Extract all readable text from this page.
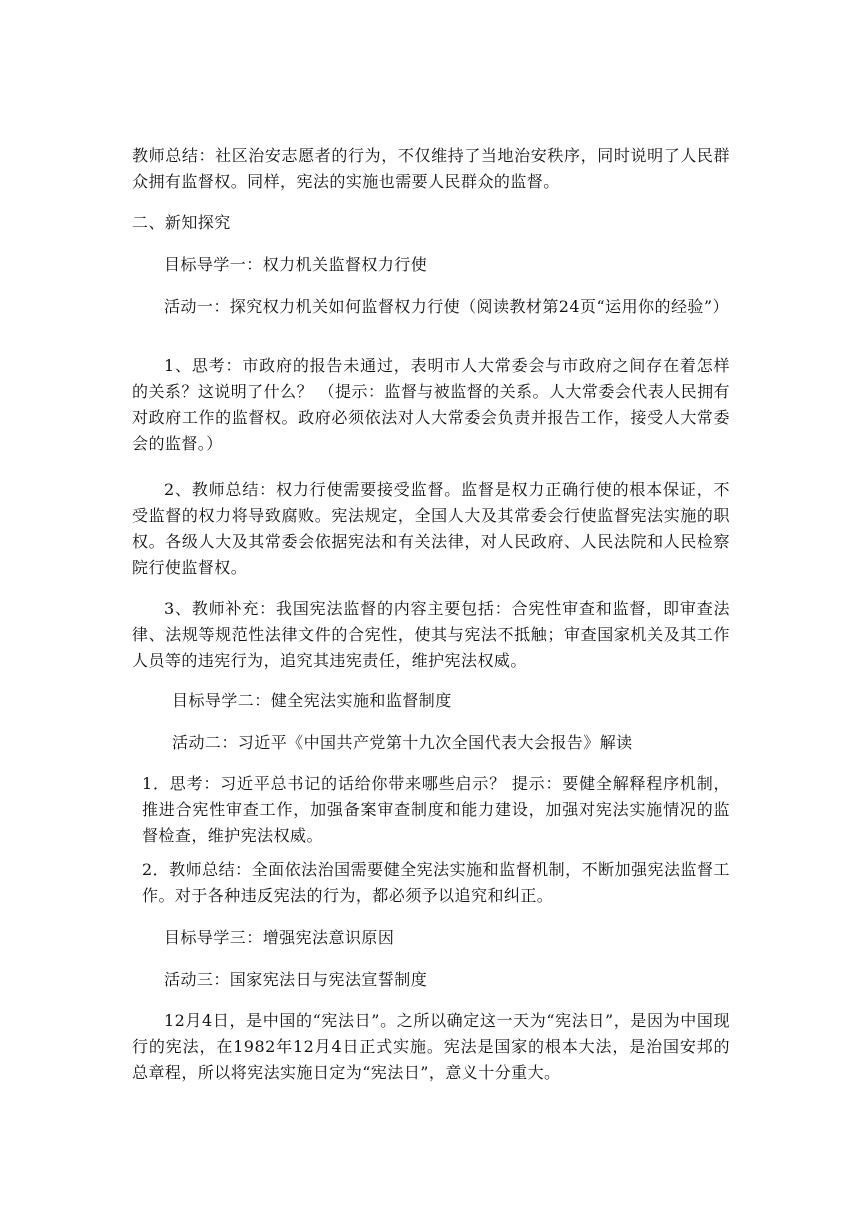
教师总结：社区治安志愿者的行为，不仅维持了当地治安秩序，同时说明了人民群众拥有监督权。同样，宪法的实施也需要人民群众的监督。

二、新知探究

目标导学一：权力机关监督权力行使

活动一：探究权力机关如何监督权力行使（阅读教材第24页“运用你的经验”）

1、思考：市政府的报告未通过，表明市人大常委会与市政府之间存在着怎样的关系？这说明了什么？ （提示：监督与被监督的关系。人大常委会代表人民拥有对政府工作的监督权。政府必须依法对人大常委会负责并报告工作，接受人大常委会的监督。）

2、教师总结：权力行使需要接受监督。监督是权力正确行使的根本保证，不受监督的权力将导致腐败。宪法规定，全国人大及其常委会行使监督宪法实施的职权。各级人大及其常委会依据宪法和有关法律，对人民政府、人民法院和人民检察院行使监督权。

3、教师补充：我国宪法监督的内容主要包括：合宪性审查和监督，即审查法律、法规等规范性法律文件的合宪性，使其与宪法不抵触；审查国家机关及其工作人员等的违宪行为，追究其违宪责任，维护宪法权威。

目标导学二：健全宪法实施和监督制度

活动二：习近平《中国共产党第十九次全国代表大会报告》解读

1．思考：习近平总书记的话给你带来哪些启示？ 提示：要健全解释程序机制，推进合宪性审查工作，加强备案审查制度和能力建设，加强对宪法实施情况的监督检查，维护宪法权威。

2．教师总结：全面依法治国需要健全宪法实施和监督机制，不断加强宪法监督工作。对于各种违反宪法的行为，都必须予以追究和纠正。

目标导学三：增强宪法意识原因

活动三：国家宪法日与宪法宣誓制度

12月4日，是中国的“宪法日”。之所以确定这一天为“宪法日”，是因为中国现行的宪法，在1982年12月4日正式实施。宪法是国家的根本大法，是治国安邦的总章程，所以将宪法实施日定为“宪法日”，意义十分重大。
